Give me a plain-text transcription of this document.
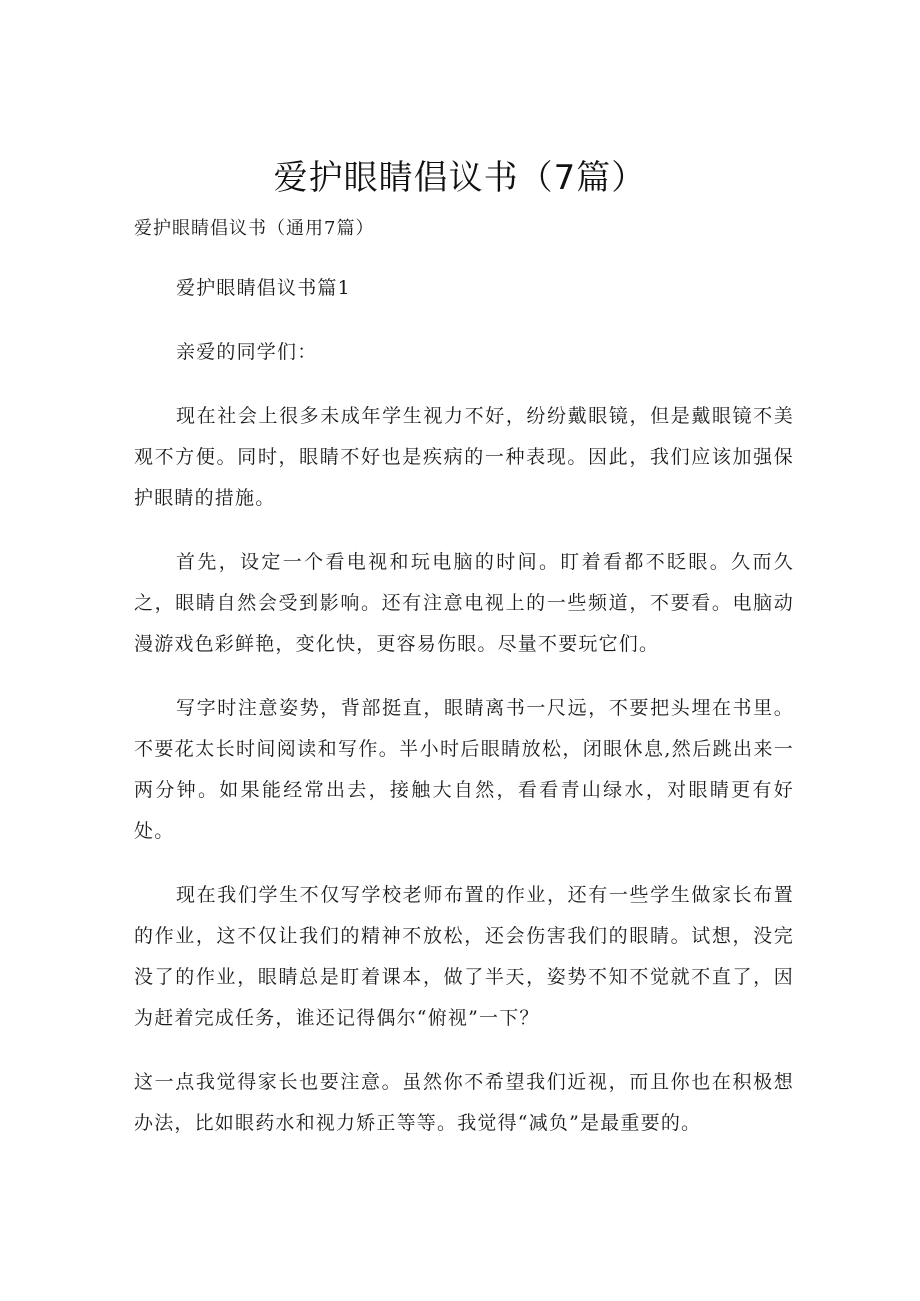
爱护眼睛倡议书（7篇）

爱护眼睛倡议书（通用7篇）

爱护眼睛倡议书篇1

亲爱的同学们：

现在社会上很多未成年学生视力不好，纷纷戴眼镜，但是戴眼镜不美观不方便。同时，眼睛不好也是疾病的一种表现。因此，我们应该加强保护眼睛的措施。

首先，设定一个看电视和玩电脑的时间。盯着看都不眨眼。久而久之，眼睛自然会受到影响。还有注意电视上的一些频道，不要看。电脑动漫游戏色彩鲜艳，变化快，更容易伤眼。尽量不要玩它们。

写字时注意姿势，背部挺直，眼睛离书一尺远，不要把头埋在书里。不要花太长时间阅读和写作。半小时后眼睛放松，闭眼休息,然后跳出来一两分钟。如果能经常出去，接触大自然，看看青山绿水，对眼睛更有好处。

现在我们学生不仅写学校老师布置的作业，还有一些学生做家长布置的作业，这不仅让我们的精神不放松，还会伤害我们的眼睛。试想，没完没了的作业，眼睛总是盯着课本，做了半天，姿势不知不觉就不直了，因为赶着完成任务，谁还记得偶尔“俯视”一下？

这一点我觉得家长也要注意。虽然你不希望我们近视，而且你也在积极想办法，比如眼药水和视力矫正等等。我觉得“减负”是最重要的。
